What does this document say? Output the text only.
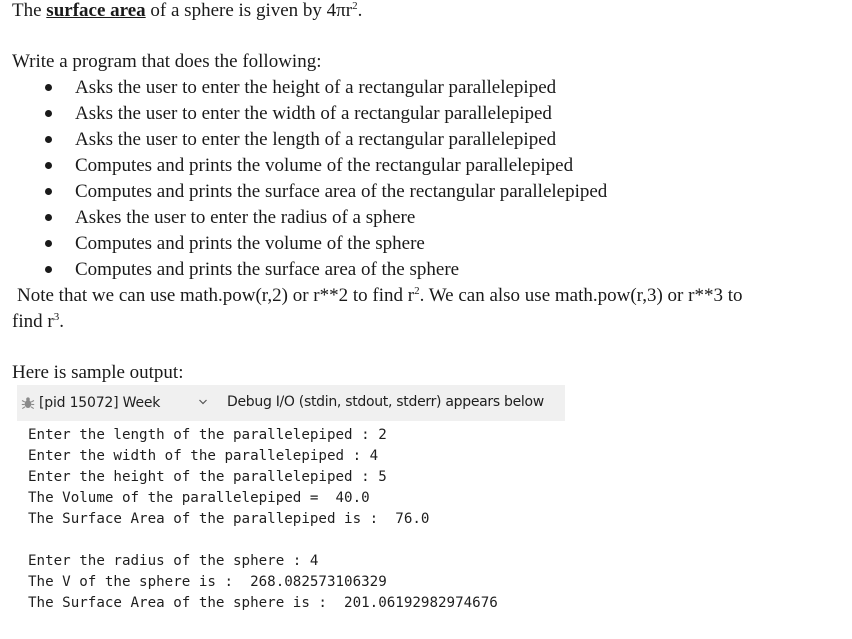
The surface area of a sphere is given by $4\pi r^2$.
Write a program that does the following:
Asks the user to enter the height of a rectangular parallelepiped
Asks the user to enter the width of a rectangular parallelepiped
Asks the user to enter the length of a rectangular parallelepiped
Computes and prints the volume of the rectangular parallelepiped
Computes and prints the surface area of the rectangular parallelepiped
Askes the user to enter the radius of a sphere
Computes and prints the volume of the sphere
Computes and prints the surface area of the sphere
Note that we can use math.pow(r,2) or r**2 to find $r^2$. We can also use math.pow(r,3) or r**3 to
find $r^3$.
Here is sample output:
[pid 15072] Week	Debug I/O (stdin, stdout, stderr) appears below
Enter the length of the parallelepiped : 2
Enter the width of the parallelepiped : 4
Enter the height of the parallelepiped : 5
The Volume of the parallelepiped =  40.0
The Surface Area of the parallepiped is :  76.0
Enter the radius of the sphere : 4
The V of the sphere is :  268.082573106329
The Surface Area of the sphere is :  201.06192982974676
